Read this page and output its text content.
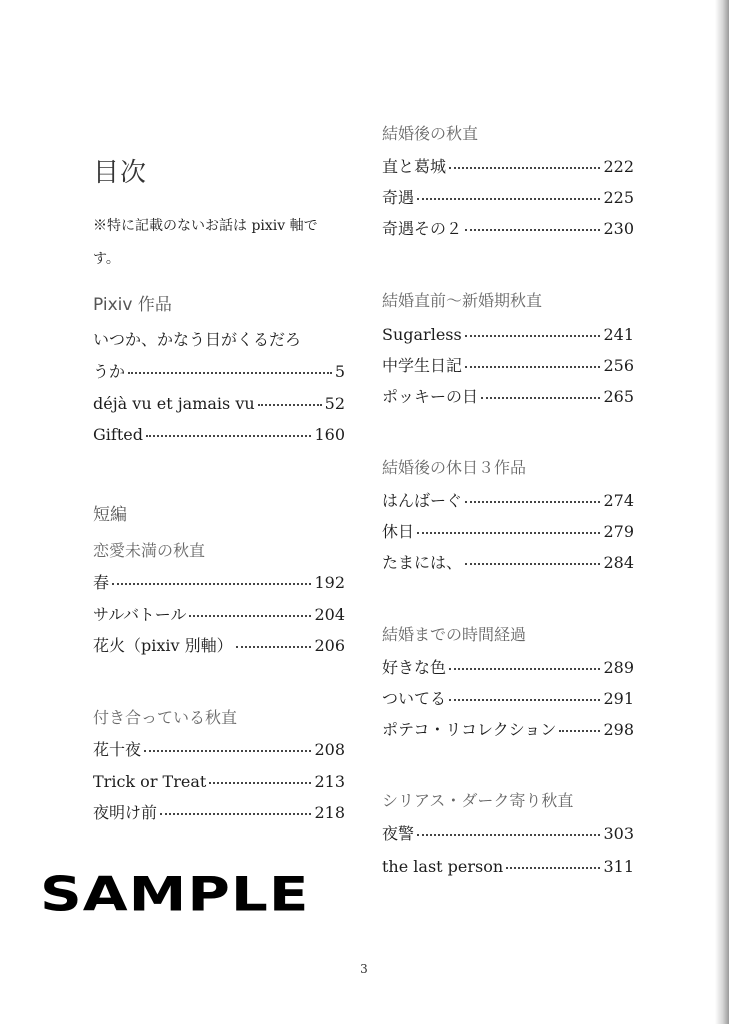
目次
※特に記載のないお話は pixiv 軸で
す。
Pixiv 作品
いつか、かなう日がくるだろ
うか	5
déjà vu et jamais vu	52
Gifted	160
短編
恋愛未満の秋直
春	192
サルバトール	204
花火（pixiv 別軸）	206
付き合っている秋直
花十夜	208
Trick or Treat	213
夜明け前	218
結婚後の秋直
直と葛城	222
奇遇	225
奇遇その２	230
結婚直前～新婚期秋直
Sugarless	241
中学生日記	256
ポッキーの日	265
結婚後の休日３作品
はんばーぐ	274
休日	279
たまには、	284
結婚までの時間経過
好きな色	289
ついてる	291
ポテコ・リコレクション	298
シリアス・ダーク寄り秋直
夜警	303
the last person	311
SAMPLE
3
